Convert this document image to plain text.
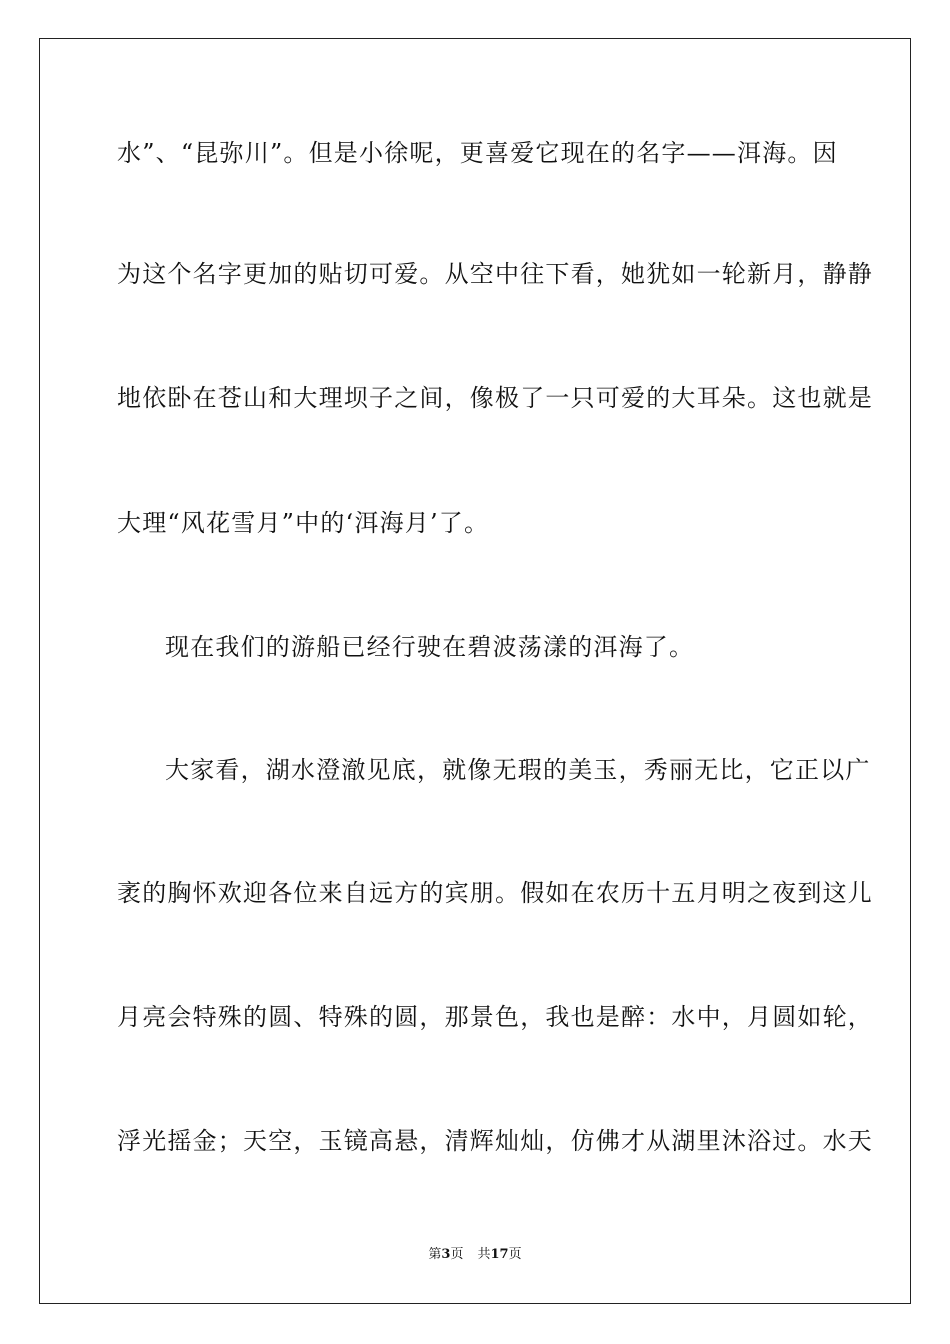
水”、“昆弥川”。但是小徐呢，更喜爱它现在的名字——洱海。因
为这个名字更加的贴切可爱。从空中往下看，她犹如一轮新月，静静
地依卧在苍山和大理坝子之间，像极了一只可爱的大耳朵。这也就是
大理“风花雪月”中的‘洱海月’了。
现在我们的游船已经行驶在碧波荡漾的洱海了。
大家看，湖水澄澈见底，就像无瑕的美玉，秀丽无比，它正以广
袤的胸怀欢迎各位来自远方的宾朋。假如在农历十五月明之夜到这儿
月亮会特殊的圆、特殊的圆，那景色，我也是醉：水中，月圆如轮，
浮光摇金；天空，玉镜高悬，清辉灿灿，仿佛才从湖里沐浴过。水天
第3页 共17页
